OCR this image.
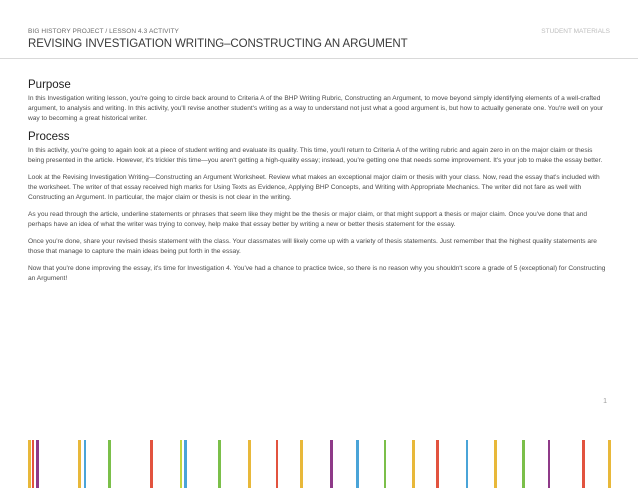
BIG HISTORY PROJECT / LESSON 4.3 ACTIVITY	STUDENT MATERIALS
REVISING INVESTIGATION WRITING–CONSTRUCTING AN ARGUMENT
Purpose

In this Investigation writing lesson, you're going to circle back around to Criteria A of the BHP Writing Rubric, Constructing an Argument, to move beyond simply identifying elements of a well-crafted argument, to analysis and writing. In this activity, you'll revise another student's writing as a way to understand not just what a good argument is, but how to actually generate one. You're well on your way to becoming a great historical writer.

Process

In this activity, you're going to again look at a piece of student writing and evaluate its quality. This time, you'll return to Criteria A of the writing rubric and again zero in on the major claim or thesis being presented in the article. However, it's trickier this time—you aren't getting a high-quality essay; instead, you're getting one that needs some improvement. It's your job to make the essay better.

Look at the Revising Investigation Writing—Constructing an Argument Worksheet. Review what makes an exceptional major claim or thesis with your class. Now, read the essay that's included with the worksheet. The writer of that essay received high marks for Using Texts as Evidence, Applying BHP Concepts, and Writing with Appropriate Mechanics. The writer did not fare as well with Constructing an Argument. In particular, the major claim or thesis is not clear in the writing.

As you read through the article, underline statements or phrases that seem like they might be the thesis or major claim, or that might support a thesis or major claim. Once you've done that and perhaps have an idea of what the writer was trying to convey, help make that essay better by writing a new or better thesis statement for the essay.

Once you're done, share your revised thesis statement with the class. Your classmates will likely come up with a variety of thesis statements. Just remember that the highest quality statements are those that manage to capture the main ideas being put forth in the essay.

Now that you're done improving the essay, it's time for Investigation 4. You've had a chance to practice twice, so there is no reason why you shouldn't score a grade of 5 (exceptional) for Constructing an Argument!

1
